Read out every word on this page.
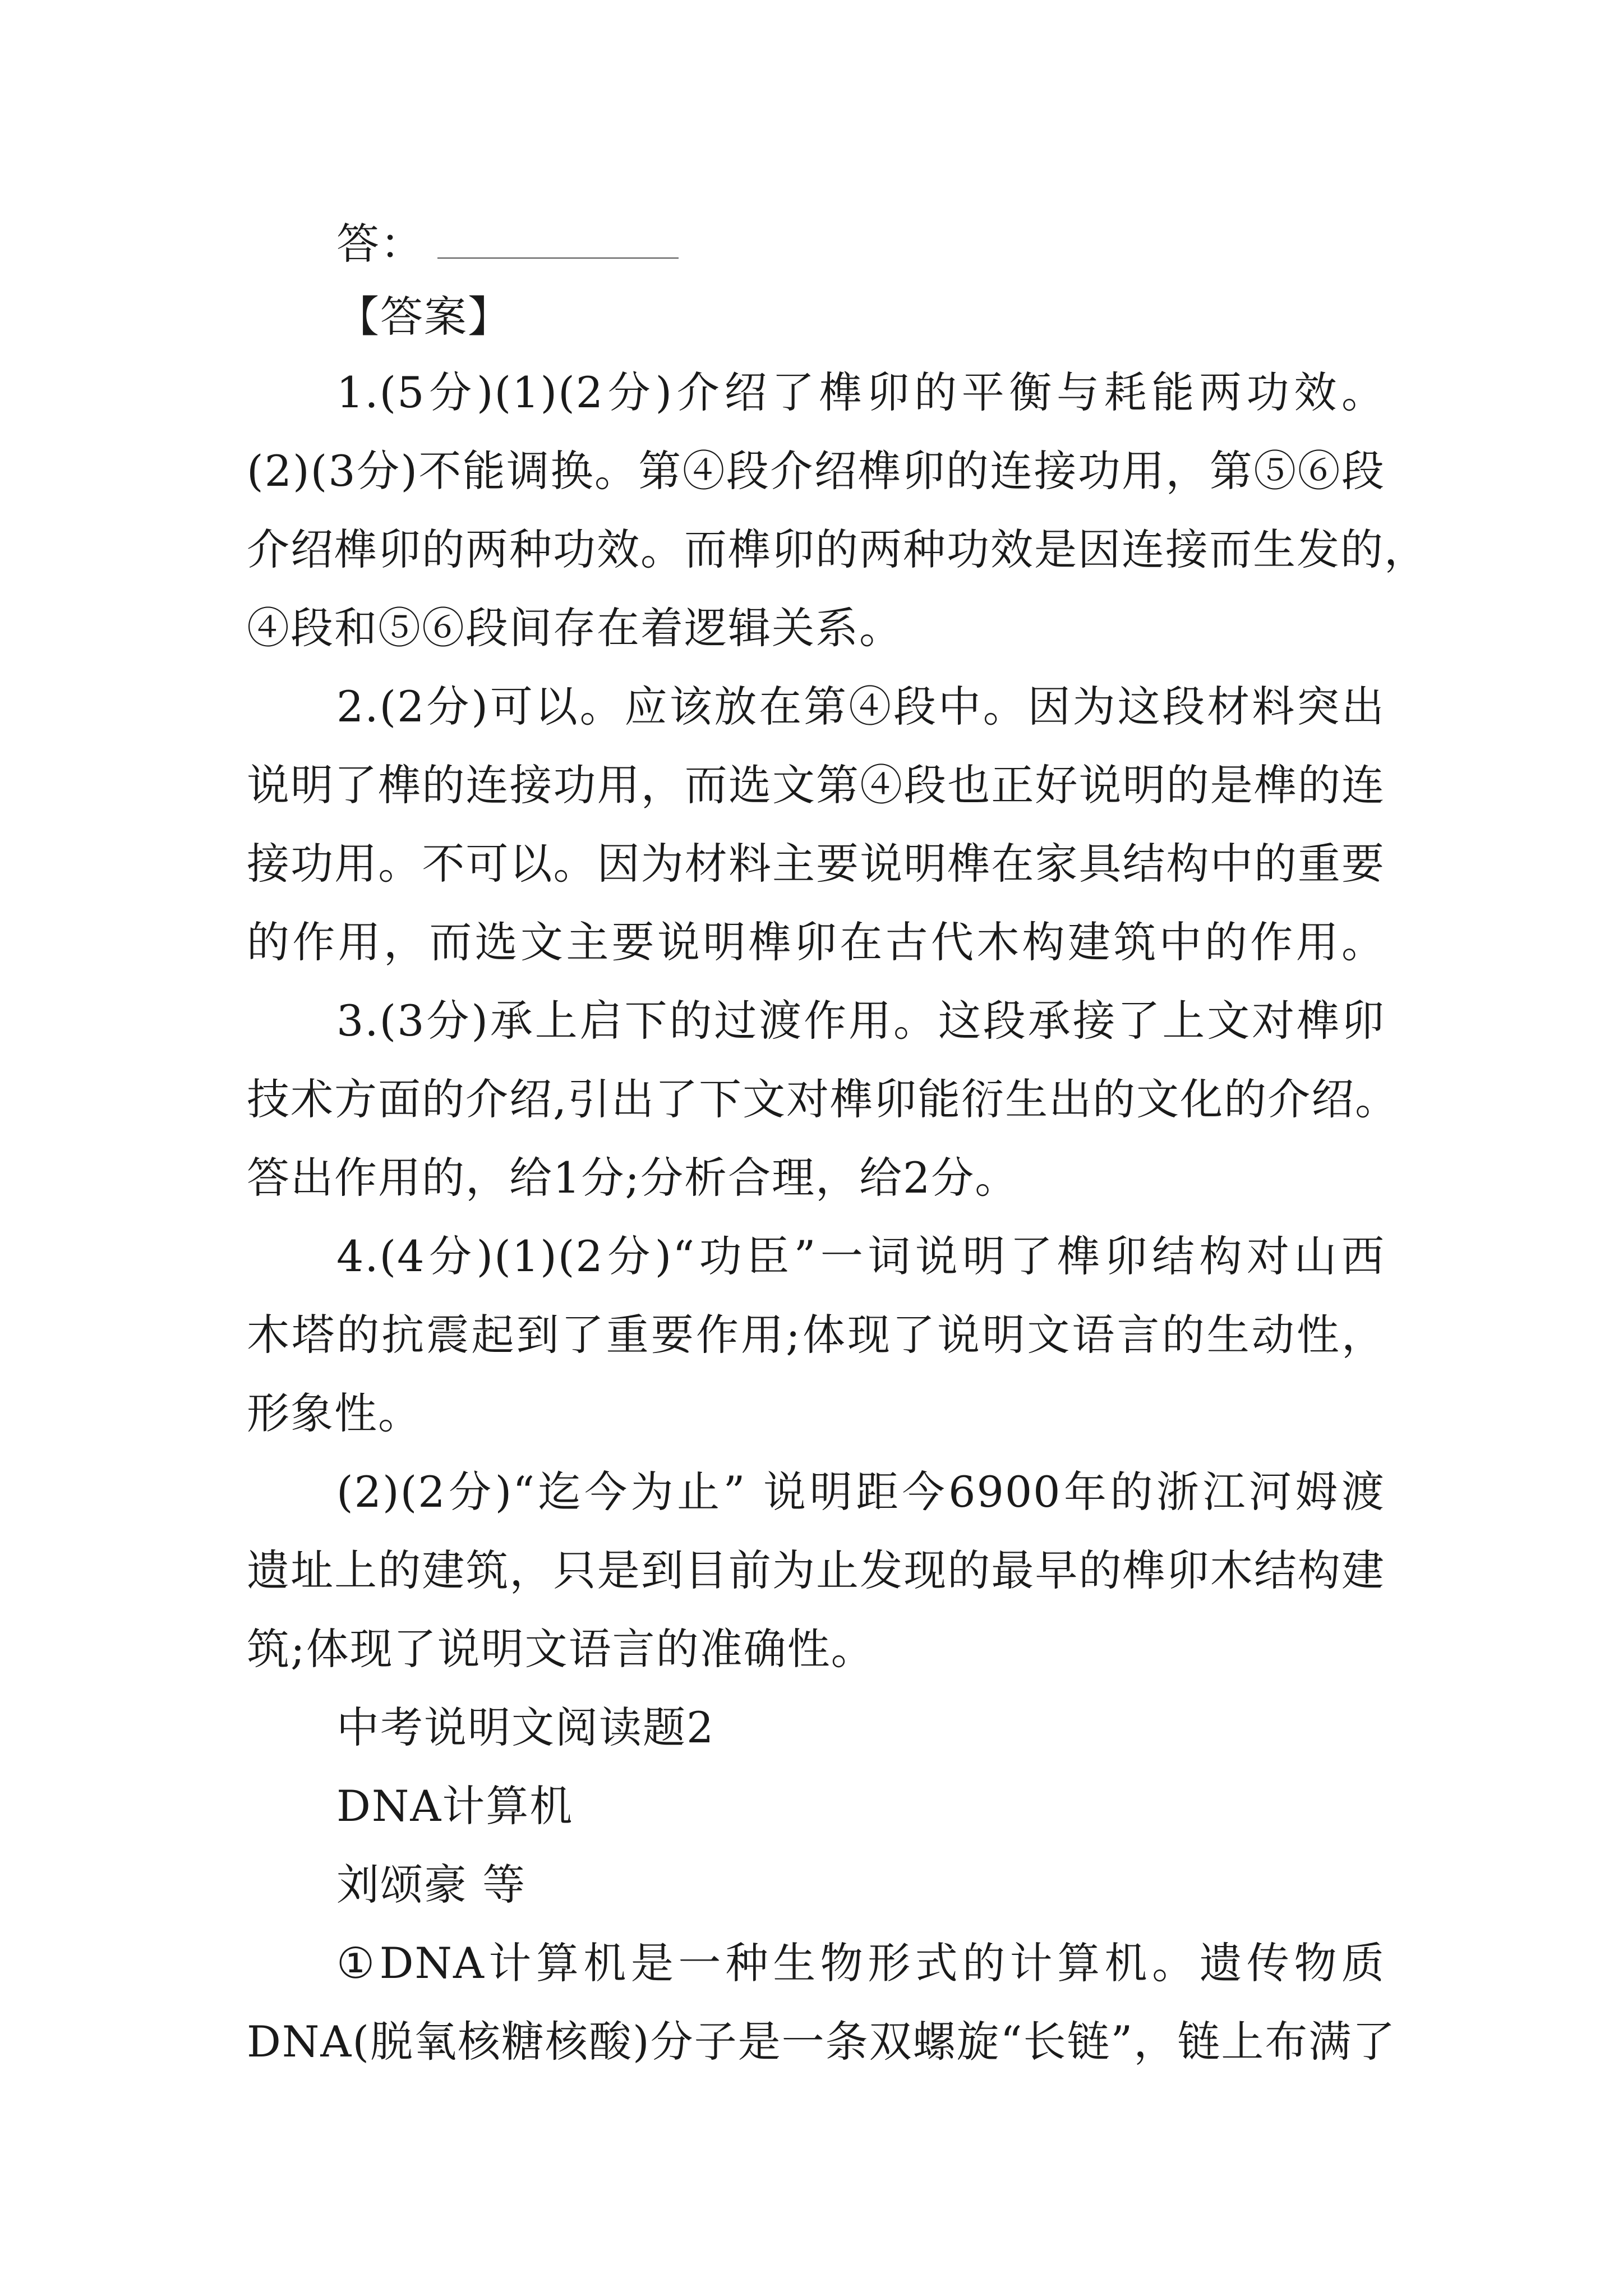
答：
【答案】
1.(5分)(1)(2分)介绍了榫卯的平衡与耗能两功效。
(2)(3分)不能调换。第④段介绍榫卯的连接功用，第⑤⑥段
介绍榫卯的两种功效。而榫卯的两种功效是因连接而生发的，
④段和⑤⑥段间存在着逻辑关系。
2.(2分)可以。应该放在第④段中。因为这段材料突出
说明了榫的连接功用，而选文第④段也正好说明的是榫的连
接功用。不可以。因为材料主要说明榫在家具结构中的重要
的作用，而选文主要说明榫卯在古代木构建筑中的作用。
3.(3分)承上启下的过渡作用。这段承接了上文对榫卯
技术方面的介绍,引出了下文对榫卯能衍生出的文化的介绍。
答出作用的，给1分;分析合理，给2分。
4.(4分)(1)(2分)“功臣”一词说明了榫卯结构对山西
木塔的抗震起到了重要作用;体现了说明文语言的生动性，
形象性。
(2)(2分)“迄今为止” 说明距今6900年的浙江河姆渡
遗址上的建筑，只是到目前为止发现的最早的榫卯木结构建
筑;体现了说明文语言的准确性。
中考说明文阅读题2
DNA计算机
刘颂豪 等
①DNA计算机是一种生物形式的计算机。遗传物质
DNA(脱氧核糖核酸)分子是一条双螺旋“长链”，链上布满了
